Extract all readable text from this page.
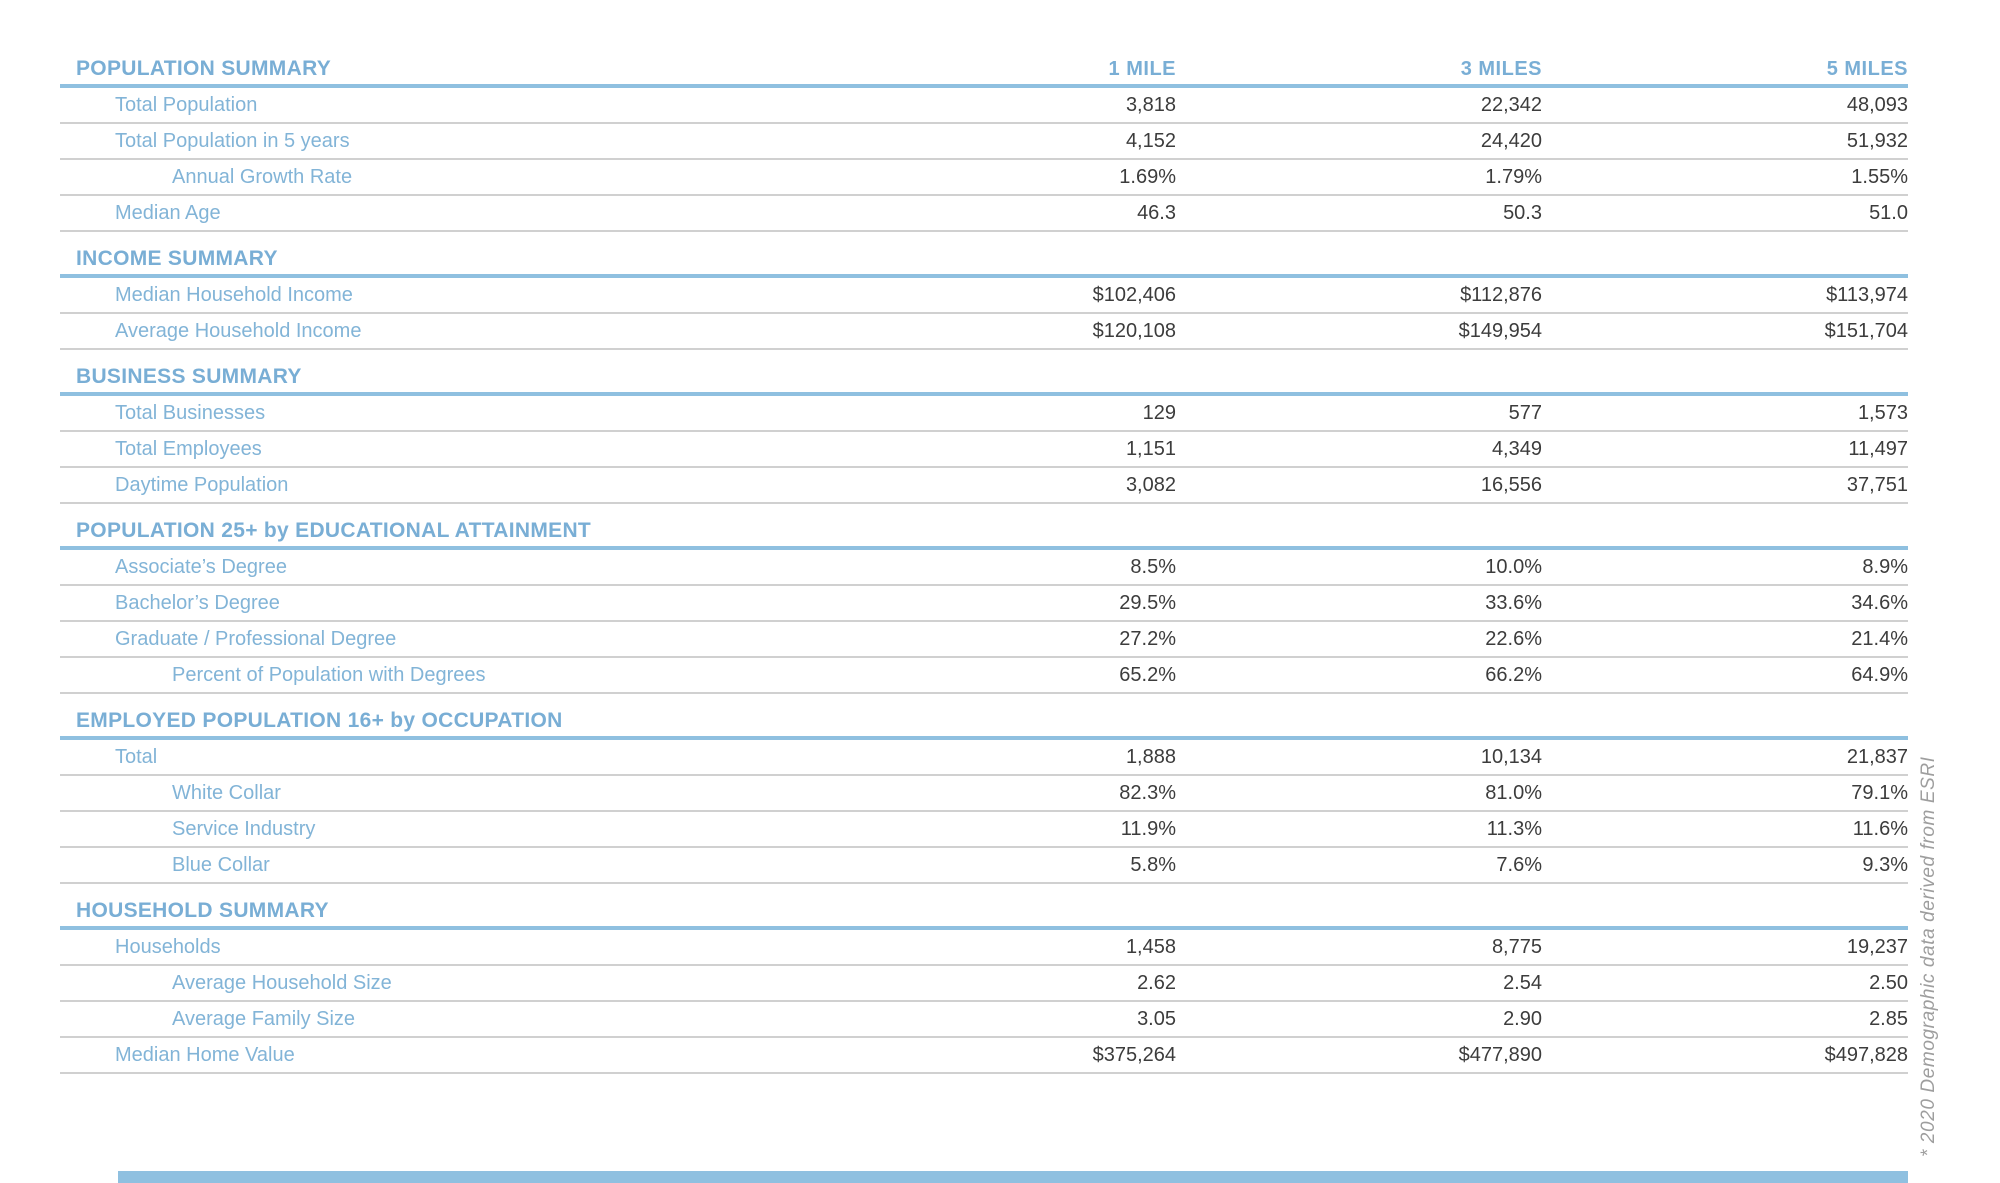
POPULATION SUMMARY	1 MILE	3 MILES	5 MILES
Total Population	3,818	22,342	48,093
Total Population in 5 years	4,152	24,420	51,932
Annual Growth Rate	1.69%	1.79%	1.55%
Median Age	46.3	50.3	51.0
INCOME SUMMARY
Median Household Income	$102,406	$112,876	$113,974
Average Household Income	$120,108	$149,954	$151,704
BUSINESS SUMMARY
Total Businesses	129	577	1,573
Total Employees	1,151	4,349	11,497
Daytime Population	3,082	16,556	37,751
POPULATION 25+ by EDUCATIONAL ATTAINMENT
Associate’s Degree	8.5%	10.0%	8.9%
Bachelor’s Degree	29.5%	33.6%	34.6%
Graduate / Professional Degree	27.2%	22.6%	21.4%
Percent of Population with Degrees	65.2%	66.2%	64.9%
EMPLOYED POPULATION 16+ by OCCUPATION
Total	1,888	10,134	21,837
White Collar	82.3%	81.0%	79.1%
Service Industry	11.9%	11.3%	11.6%
Blue Collar	5.8%	7.6%	9.3%
HOUSEHOLD SUMMARY
Households	1,458	8,775	19,237
Average Household Size	2.62	2.54	2.50
Average Family Size	3.05	2.90	2.85
Median Home Value	$375,264	$477,890	$497,828 * 2020 Demographic data derived from ESRI
